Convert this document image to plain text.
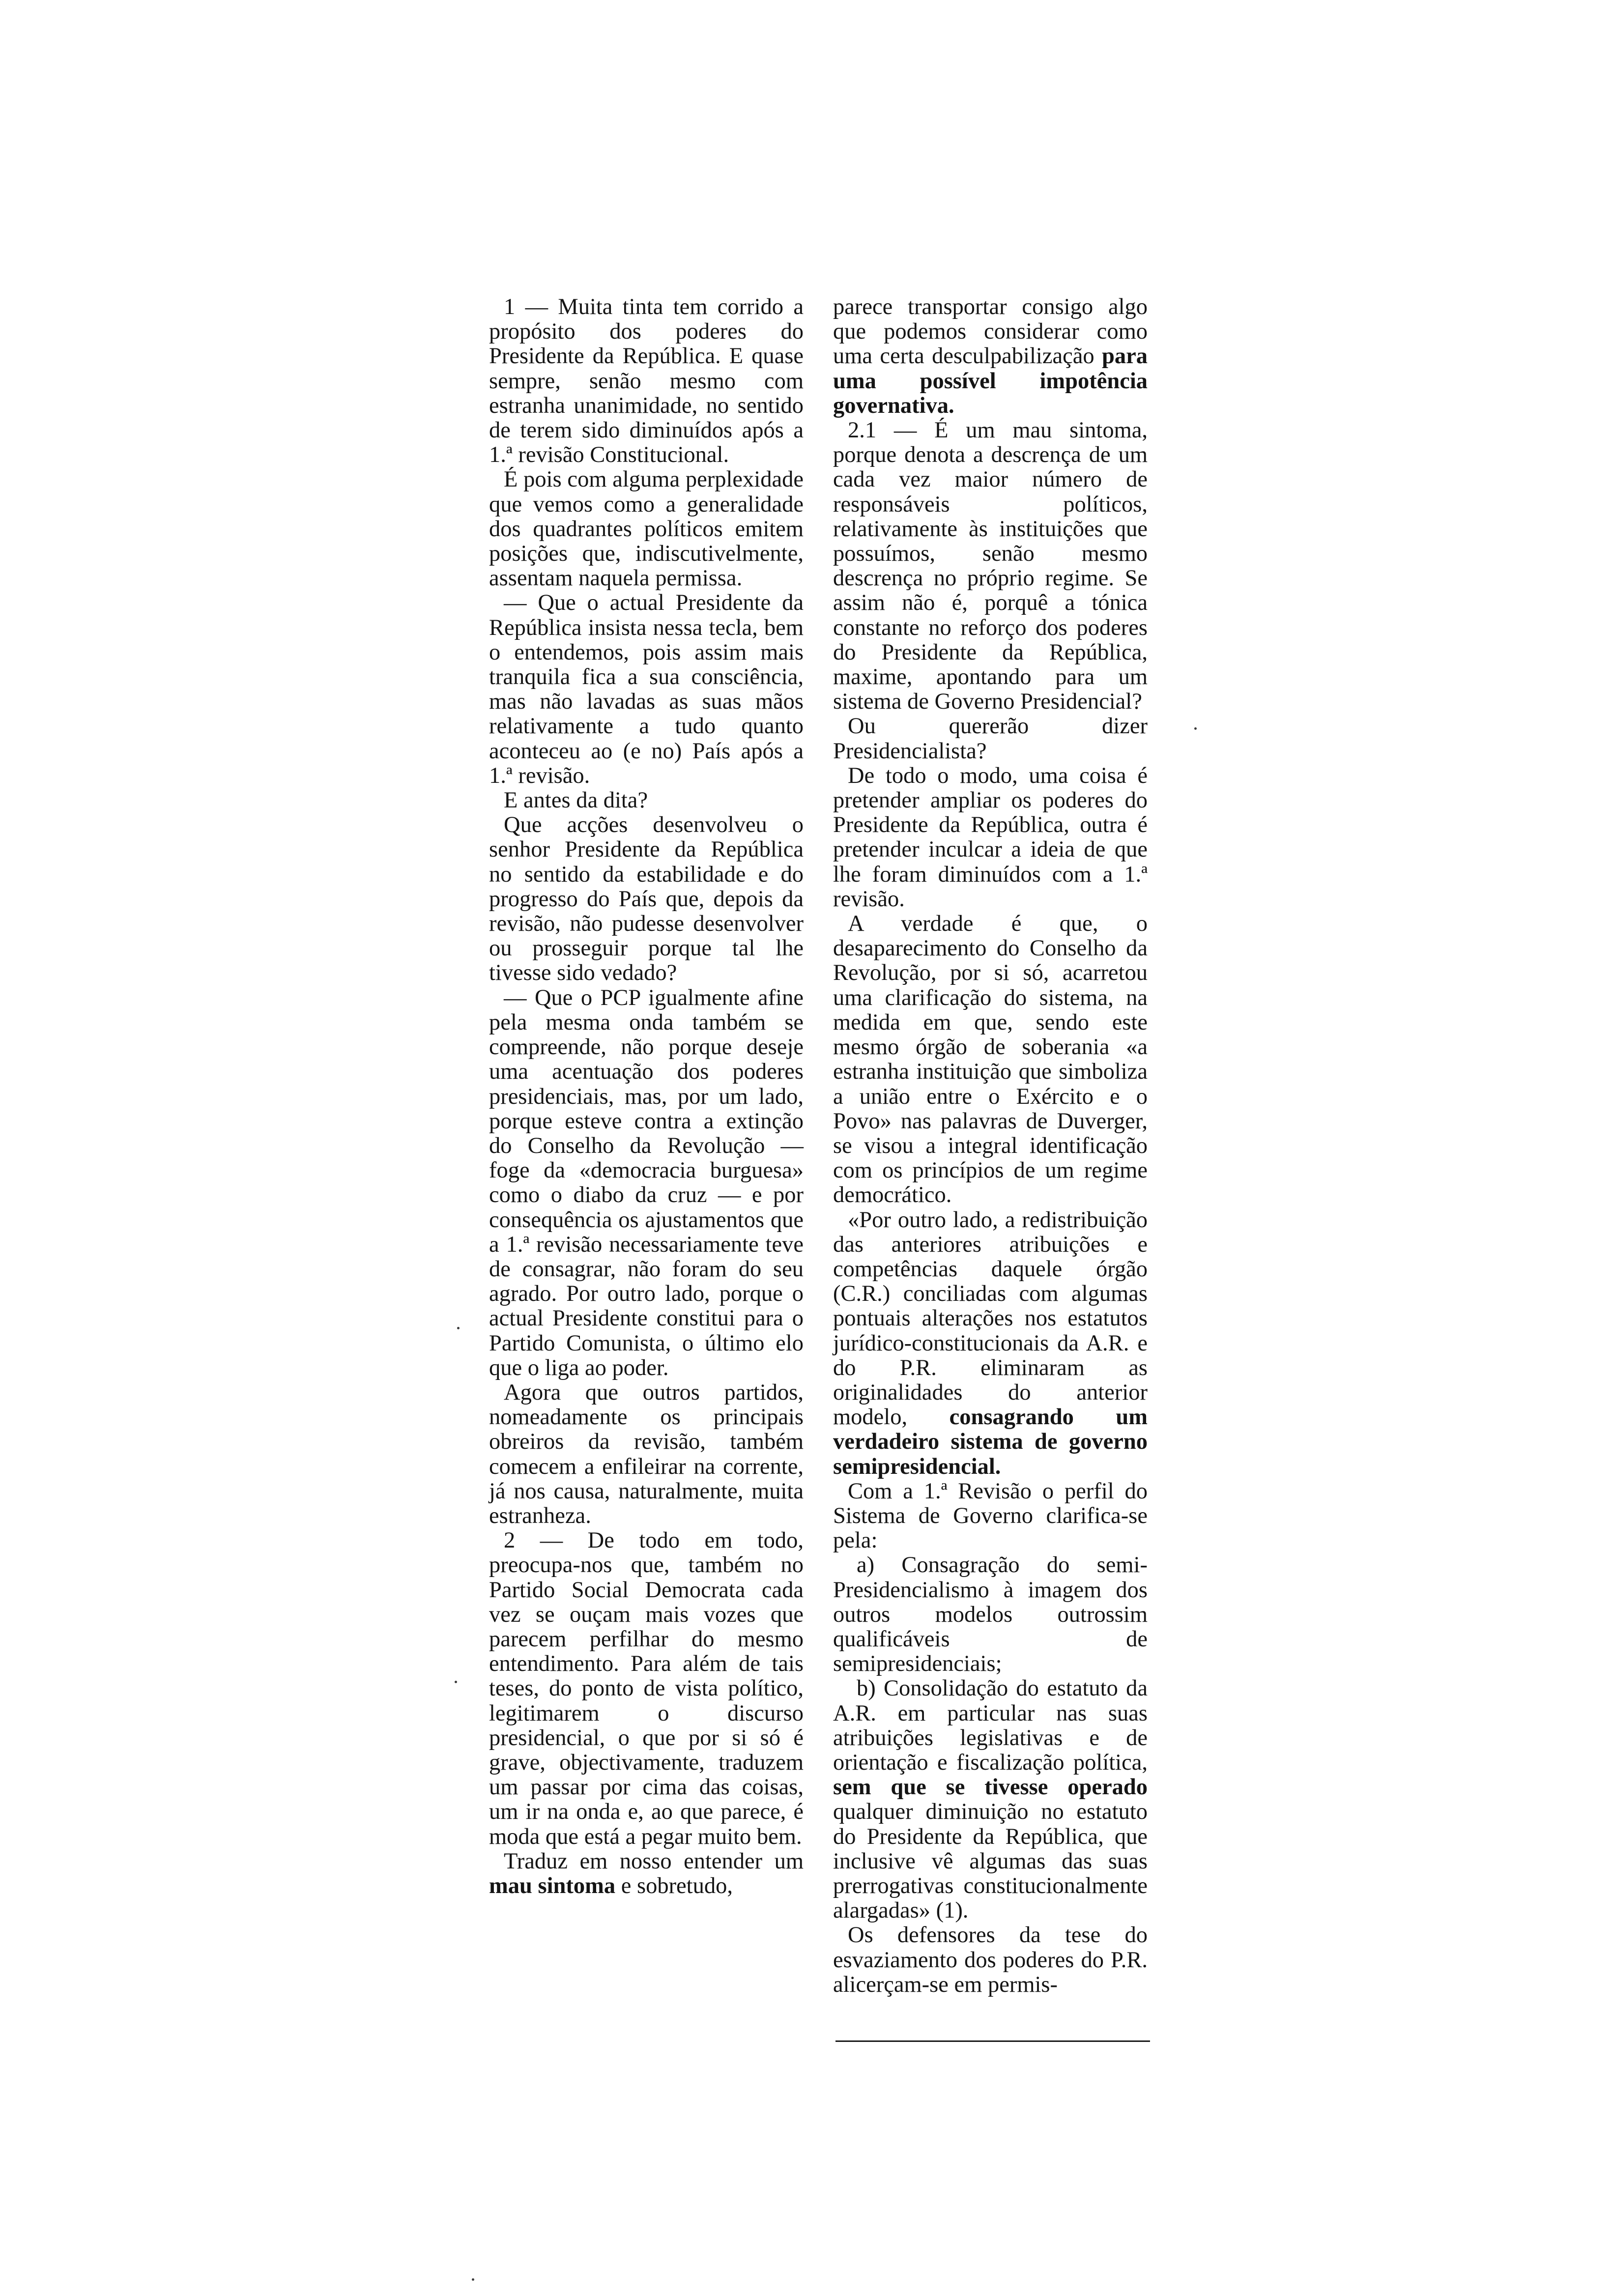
1 — Muita tinta tem corrido a propósito dos poderes do Presidente da República. E quase sempre, senão mesmo com estranha unanimidade, no sentido de terem sido diminuídos após a 1.ª revisão Constitucional.

É pois com alguma perplexidade que vemos como a generalidade dos quadrantes políticos emitem posições que, indiscutivelmente, assentam naquela permissa.

— Que o actual Presidente da República insista nessa tecla, bem o entendemos, pois assim mais tranquila fica a sua consciência, mas não lavadas as suas mãos relativamente a tudo quanto aconteceu ao (e no) País após a 1.ª revisão.

E antes da dita?

Que acções desenvolveu o senhor Presidente da República no sentido da estabilidade e do progresso do País que, depois da revisão, não pudesse desenvolver ou prosseguir porque tal lhe tivesse sido vedado?

— Que o PCP igualmente afine pela mesma onda também se compreende, não porque deseje uma acentuação dos poderes presidenciais, mas, por um lado, porque esteve contra a extinção do Conselho da Revolução — foge da «democracia burguesa» como o diabo da cruz — e por consequência os ajustamentos que a 1.ª revisão necessariamente teve de consagrar, não foram do seu agrado. Por outro lado, porque o actual Presidente constitui para o Partido Comunista, o último elo que o liga ao poder.

Agora que outros partidos, nomeadamente os principais obreiros da revisão, também comecem a enfileirar na corrente, já nos causa, naturalmente, muita estranheza.

2 — De todo em todo, preocupa-nos que, também no Partido Social Democrata cada vez se ouçam mais vozes que parecem perfilhar do mesmo entendimento. Para além de tais teses, do ponto de vista político, legitimarem o discurso presidencial, o que por si só é grave, objectivamente, traduzem um passar por cima das coisas, um ir na onda e, ao que parece, é moda que está a pegar muito bem.

Traduz em nosso entender um mau sintoma e sobretudo,

parece transportar consigo algo que podemos considerar como uma certa desculpabilização para uma possível impotência governativa.

2.1 — É um mau sintoma, porque denota a descrença de um cada vez maior número de responsáveis políticos, relativamente às instituições que possuímos, senão mesmo descrença no próprio regime. Se assim não é, porquê a tónica constante no reforço dos poderes do Presidente da República, maxime, apontando para um sistema de Governo Presidencial?

Ou quererão dizer Presidencialista?

De todo o modo, uma coisa é pretender ampliar os poderes do Presidente da República, outra é pretender inculcar a ideia de que lhe foram diminuídos com a 1.ª revisão.

A verdade é que, o desaparecimento do Conselho da Revolução, por si só, acarretou uma clarificação do sistema, na medida em que, sendo este mesmo órgão de soberania «a estranha instituição que simboliza a união entre o Exército e o Povo» nas palavras de Duverger, se visou a integral identificação com os princípios de um regime democrático.

«Por outro lado, a redistribuição das anteriores atribuições e competências daquele órgão (C.R.) conciliadas com algumas pontuais alterações nos estatutos jurídico-constitucionais da A.R. e do P.R. eliminaram as originalidades do anterior modelo, consagrando um verdadeiro sistema de governo semipresidencial.

Com a 1.ª Revisão o perfil do Sistema de Governo clarifica-se pela:

a) Consagração do semi-Presidencialismo à imagem dos outros modelos outrossim qualificáveis de semipresidenciais;

b) Consolidação do estatuto da A.R. em particular nas suas atribuições legislativas e de orientação e fiscalização política, sem que se tivesse operado qualquer diminuição no estatuto do Presidente da República, que inclusive vê algumas das suas prerrogativas constitucionalmente alargadas» (1).

Os defensores da tese do esvaziamento dos poderes do P.R. alicerçam-se em permis-
